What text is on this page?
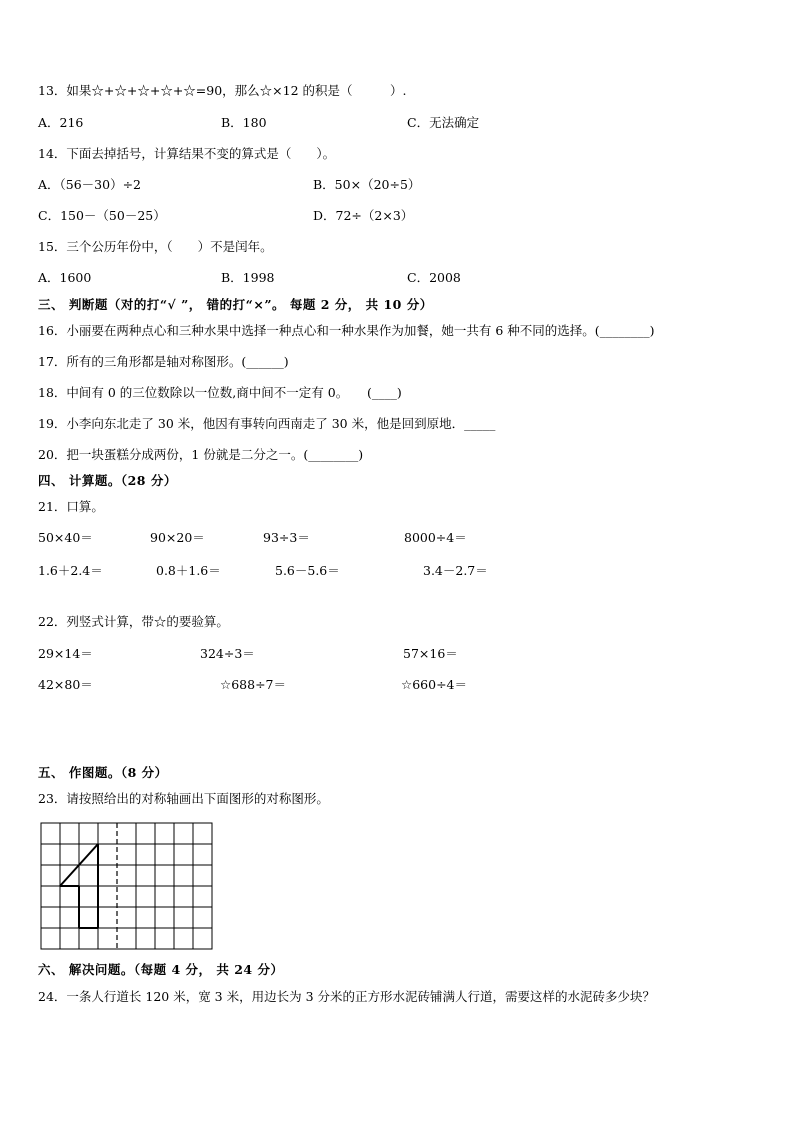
13．如果☆+☆+☆+☆+☆=90，那么☆×12 的积是（　　　）.
A．216	B．180	C．无法确定
14．下面去掉括号，计算结果不变的算式是（　　）。
A．（56－30）÷2	B．50×（20÷5）
C．150－（50－25）	D．72÷（2×3）
15．三个公历年份中，（　　）不是闰年。
A．1600	B．1998	C．2008
三、 判断题（对的打“√ ”， 错的打“×”。 每题 2 分， 共 10 分）
16．小丽要在两种点心和三种水果中选择一种点心和一种水果作为加餐，她一共有 6 种不同的选择。(________)
17．所有的三角形都是轴对称图形。(______)
18．中间有 0 的三位数除以一位数,商中间不一定有 0。　　(____)
19．小李向东北走了 30 米，他因有事转向西南走了 30 米，他是回到原地．_____
20．把一块蛋糕分成两份，1 份就是二分之一。(________)
四、 计算题。（28 分）
21．口算。
50×40＝	90×20＝	93÷3＝	8000÷4＝
1.6＋2.4＝	0.8＋1.6＝	5.6－5.6＝	3.4－2.7＝
22．列竖式计算，带☆的要验算。
29×14＝	324÷3＝	57×16＝
42×80＝	☆688÷7＝	☆660÷4＝
五、 作图题。（8 分）
23．请按照给出的对称轴画出下面图形的对称图形。
六、 解决问题。（每题 4 分， 共 24 分）
24．一条人行道长 120 米，宽 3 米，用边长为 3 分米的正方形水泥砖铺满人行道，需要这样的水泥砖多少块？
